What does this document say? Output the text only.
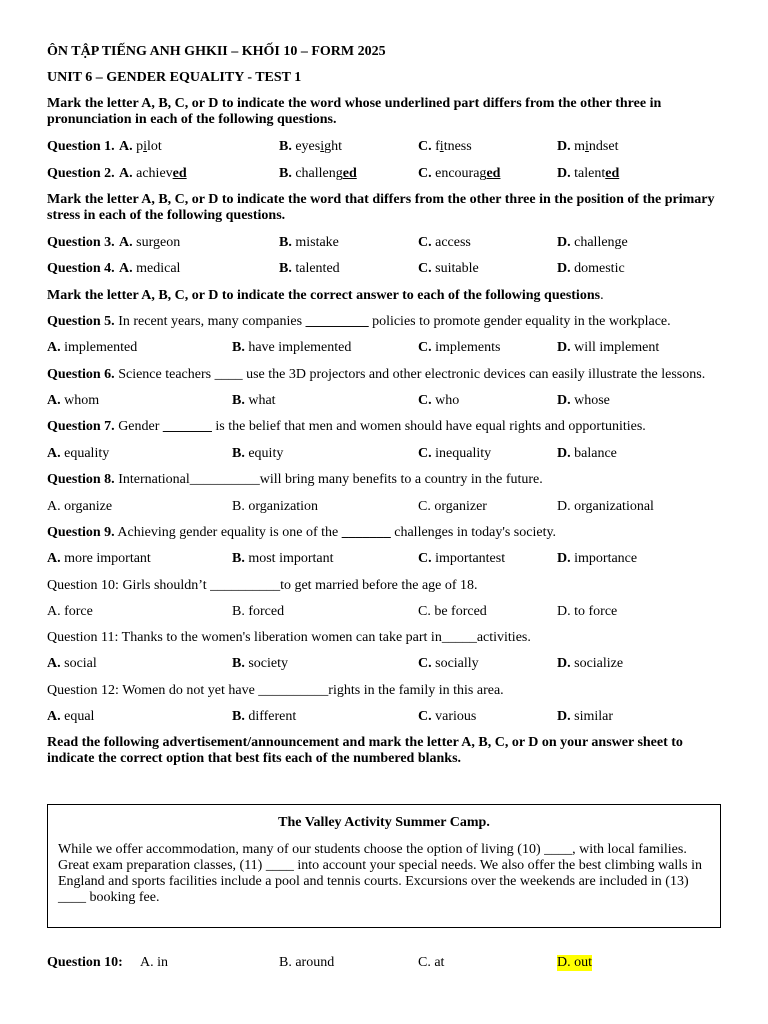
ÔN TẬP TIẾNG ANH GHKII – KHỐI 10 – FORM 2025
UNIT 6 – GENDER EQUALITY - TEST 1
Mark the letter A, B, C, or D to indicate the word whose underlined part differs from the other three in pronunciation in each of the following questions.
Question 1. A. pilot	B. eyesight	C. fitness	D. mindset
Question 2. A. achieved	B. challenged	C. encouraged	D. talented
Mark the letter A, B, C, or D to indicate the word that differs from the other three in the position of the primary stress in each of the following questions.
Question 3. A. surgeon	B. mistake	C. access	D. challenge
Question 4. A. medical	B. talented	C. suitable	D. domestic
Mark the letter A, B, C, or D to indicate the correct answer to each of the following questions.
Question 5. In recent years, many companies _________ policies to promote gender equality in the workplace.
A. implemented	B. have implemented	C. implements	D. will implement
Question 6. Science teachers ____ use the 3D projectors and other electronic devices can easily illustrate the lessons.
A. whom	B. what	C. who	D. whose
Question 7. Gender _______ is the belief that men and women should have equal rights and opportunities.
A. equality	B. equity	C. inequality	D. balance
Question 8. International__________will bring many benefits to a country in the future.
A. organize	B. organization	C. organizer	D. organizational
Question 9. Achieving gender equality is one of the _______ challenges in today's society.
A. more important	B. most important	C. importantest	D. importance
Question 10: Girls shouldn’t __________to get married before the age of 18.
A. force	B. forced	C. be forced	D. to force
Question 11: Thanks to the women's liberation women can take part in_____activities.
A. social	B. society	C. socially	D. socialize
Question 12: Women do not yet have __________rights in the family in this area.
A. equal	B. different	C. various	D. similar
Read the following advertisement/announcement and mark the letter A, B, C, or D on your answer sheet to indicate the correct option that best fits each of the numbered blanks.
The Valley Activity Summer Camp.
While we offer accommodation, many of our students choose the option of living (10) ____, with local families. Great exam preparation classes, (11) ____ into account your special needs. We also offer the best climbing walls in England and sports facilities include a pool and tennis courts. Excursions over the weekends are included in (13) ____ booking fee.
Question 10: A. in	B. around	C. at	D. out
